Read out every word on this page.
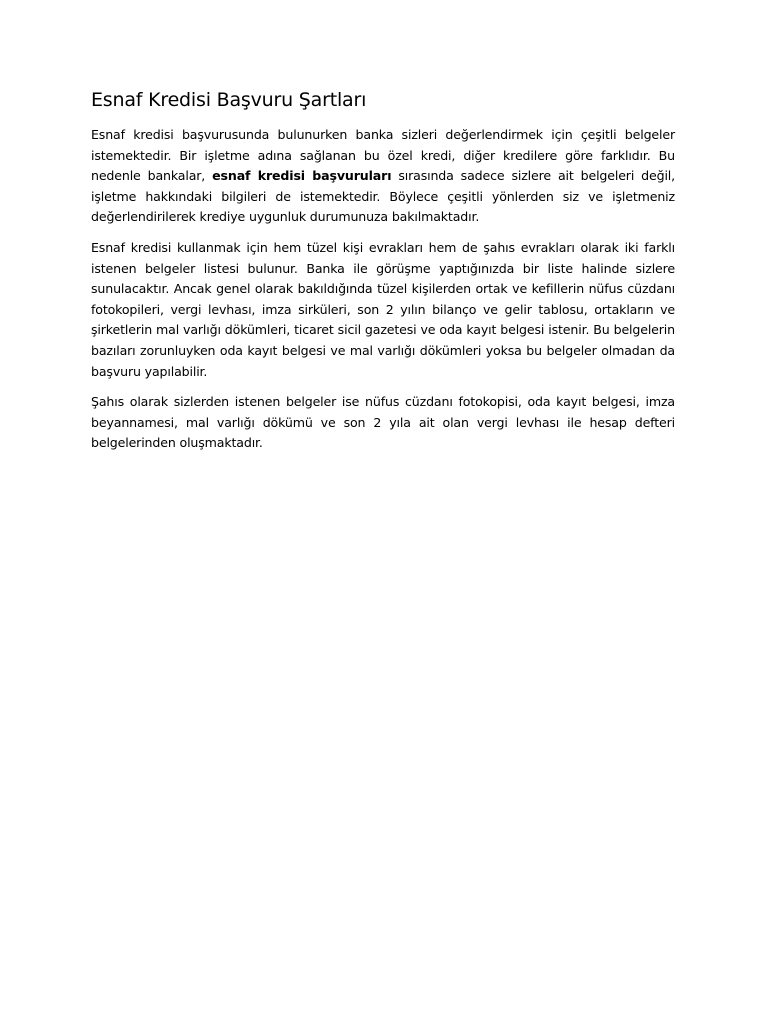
Esnaf Kredisi Başvuru Şartları

Esnaf kredisi başvurusunda bulunurken banka sizleri değerlendirmek için çeşitli belgeler istemektedir. Bir işletme adına sağlanan bu özel kredi, diğer kredilere göre farklıdır. Bu nedenle bankalar, esnaf kredisi başvuruları sırasında sadece sizlere ait belgeleri değil, işletme hakkındaki bilgileri de istemektedir. Böylece çeşitli yönlerden siz ve işletmeniz değerlendirilerek krediye uygunluk durumunuza bakılmaktadır.

Esnaf kredisi kullanmak için hem tüzel kişi evrakları hem de şahıs evrakları olarak iki farklı istenen belgeler listesi bulunur. Banka ile görüşme yaptığınızda bir liste halinde sizlere sunulacaktır. Ancak genel olarak bakıldığında tüzel kişilerden ortak ve kefillerin nüfus cüzdanı fotokopileri, vergi levhası, imza sirküleri, son 2 yılın bilanço ve gelir tablosu, ortakların ve şirketlerin mal varlığı dökümleri, ticaret sicil gazetesi ve oda kayıt belgesi istenir. Bu belgelerin bazıları zorunluyken oda kayıt belgesi ve mal varlığı dökümleri yoksa bu belgeler olmadan da başvuru yapılabilir.

Şahıs olarak sizlerden istenen belgeler ise nüfus cüzdanı fotokopisi, oda kayıt belgesi, imza beyannamesi, mal varlığı dökümü ve son 2 yıla ait olan vergi levhası ile hesap defteri belgelerinden oluşmaktadır.
